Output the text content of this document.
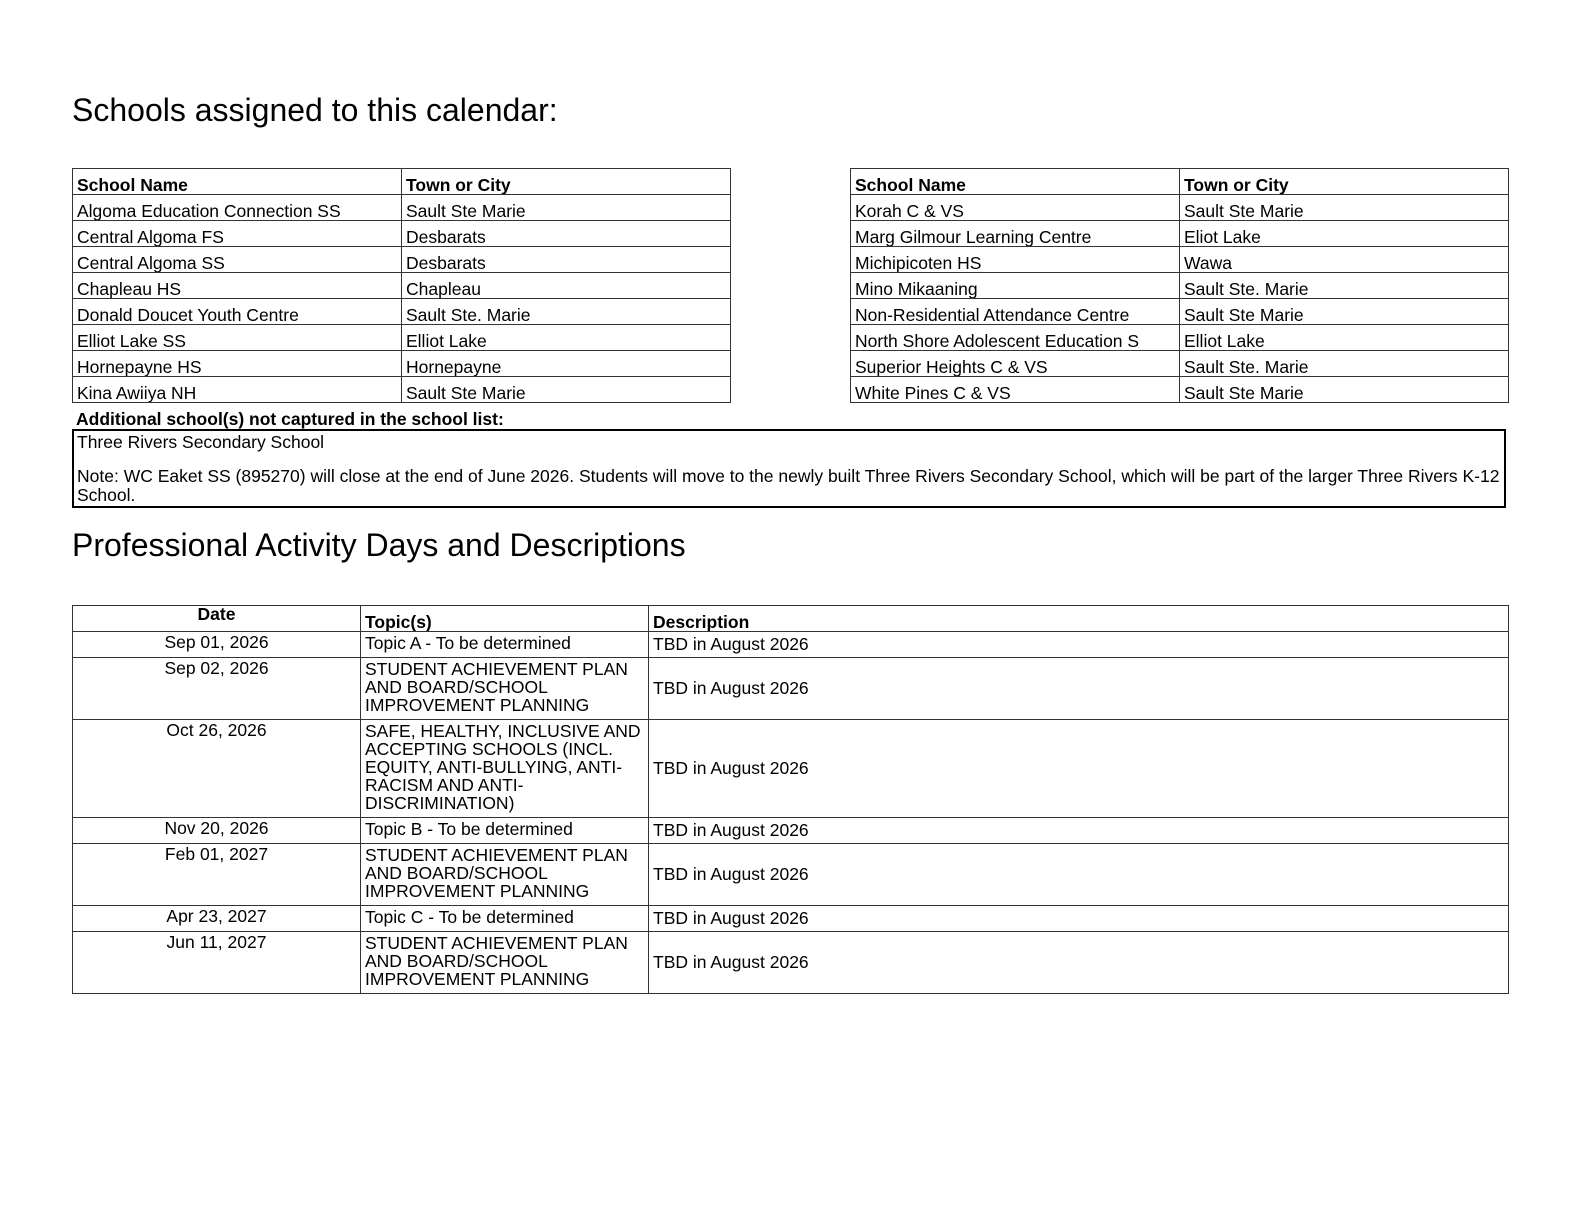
Schools assigned to this calendar:
School Name	Town or City
Algoma Education Connection SS	Sault Ste Marie
Central Algoma FS	Desbarats
Central Algoma SS	Desbarats
Chapleau HS	Chapleau
Donald Doucet Youth Centre	Sault Ste. Marie
Elliot Lake SS	Elliot Lake
Hornepayne HS	Hornepayne
Kina Awiiya NH	Sault Ste Marie
School Name	Town or City
Korah C & VS	Sault Ste Marie
Marg Gilmour Learning Centre	Eliot Lake
Michipicoten HS	Wawa
Mino Mikaaning	Sault Ste. Marie
Non-Residential Attendance Centre	Sault Ste Marie
North Shore Adolescent Education S	Elliot Lake
Superior Heights C & VS	Sault Ste. Marie
White Pines C & VS	Sault Ste Marie
Additional school(s) not captured in the school list:

Three Rivers Secondary School

Note: WC Eaket SS (895270) will close at the end of June 2026. Students will move to the newly built Three Rivers Secondary School, which will be part of the larger Three Rivers K-12 School.

Professional Activity Days and Descriptions
Date	Topic(s)	Description
Sep 01, 2026	Topic A - To be determined	TBD in August 2026
Sep 02, 2026	STUDENT ACHIEVEMENT PLAN AND BOARD/SCHOOL IMPROVEMENT PLANNING	TBD in August 2026
Oct 26, 2026	SAFE, HEALTHY, INCLUSIVE AND ACCEPTING SCHOOLS (INCL. EQUITY, ANTI-BULLYING, ANTI-RACISM AND ANTI-DISCRIMINATION)	TBD in August 2026
Nov 20, 2026	Topic B - To be determined	TBD in August 2026
Feb 01, 2027	STUDENT ACHIEVEMENT PLAN AND BOARD/SCHOOL IMPROVEMENT PLANNING	TBD in August 2026
Apr 23, 2027	Topic C - To be determined	TBD in August 2026
Jun 11, 2027	STUDENT ACHIEVEMENT PLAN AND BOARD/SCHOOL IMPROVEMENT PLANNING	TBD in August 2026
